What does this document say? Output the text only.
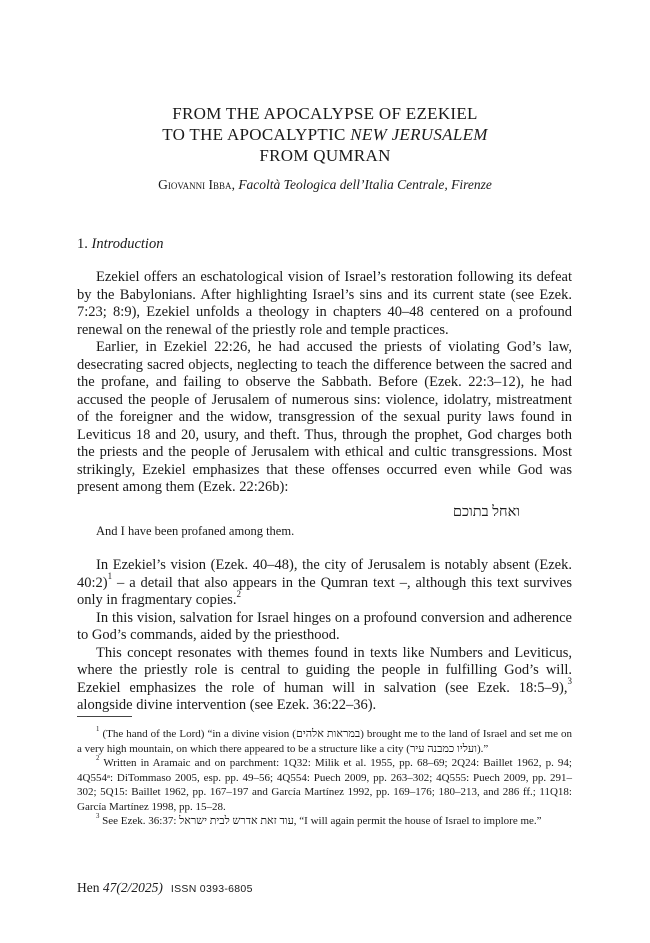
FROM THE APOCALYPSE OF EZEKIEL
TO THE APOCALYPTIC NEW JERUSALEM
FROM QUMRAN
Giovanni Ibba, Facoltà Teologica dell’Italia Centrale, Firenze
1. Introduction

Ezekiel offers an eschatological vision of Israel’s restoration following its defeat by the Babylonians. After highlighting Israel’s sins and its current state (see Ezek. 7:23; 8:9), Ezekiel unfolds a theology in chapters 40–48 centered on a profound renewal on the renewal of the priestly role and temple practices.

Earlier, in Ezekiel 22:26, he had accused the priests of violating God’s law, desecrating sacred objects, neglecting to teach the difference between the sacred and the profane, and failing to observe the Sabbath. Before (Ezek. 22:3–12), he had accused the people of Jerusalem of numerous sins: violence, idolatry, mistreatment of the foreigner and the widow, transgression of the sexual purity laws found in Leviticus 18 and 20, usury, and theft. Thus, through the prophet, God charges both the priests and the people of Jerusalem with ethical and cultic transgressions. Most strikingly, Ezekiel emphasizes that these offenses occurred even while God was present among them (Ezek. 22:26b):

ואחל בתוכם
And I have been profaned among them.

In Ezekiel’s vision (Ezek. 40–48), the city of Jerusalem is notably absent (Ezek. 40:2)$^1$ – a detail that also appears in the Qumran text –, although this text survives only in fragmentary copies.$^2$

In this vision, salvation for Israel hinges on a profound conversion and adherence to God’s commands, aided by the priesthood.

This concept resonates with themes found in texts like Numbers and Leviticus, where the priestly role is central to guiding the people in fulfilling God’s will. Ezekiel emphasizes the role of human will in salvation (see Ezek. 18:5–9),$^3$ alongside divine intervention (see Ezek. 36:22–36).

$^1$ (The hand of the Lord) “in a divine vision (במראות אלהים) brought me to the land of Israel and set me on a very high mountain, on which there appeared to be a structure like a city (ועליו כמבנה עיר).”

$^2$ Written in Aramaic and on parchment: 1Q32: Milik et al. 1955, pp. 68–69; 2Q24: Baillet 1962, p. 94; 4Q554ᵃ: DiTommaso 2005, esp. pp. 49–56; 4Q554: Puech 2009, pp. 263–302; 4Q555: Puech 2009, pp. 291–302; 5Q15: Baillet 1962, pp. 167–197 and García Martínez 1992, pp. 169–176; 180–213, and 286 ff.; 11Q18: García Martínez 1998, pp. 15–28.

$^3$ See Ezek. 36:37: עוד זאת אדרש לבית ישראל, “I will again permit the house of Israel to implore me.”

Hen 47(2/2025) ISSN 0393-6805
